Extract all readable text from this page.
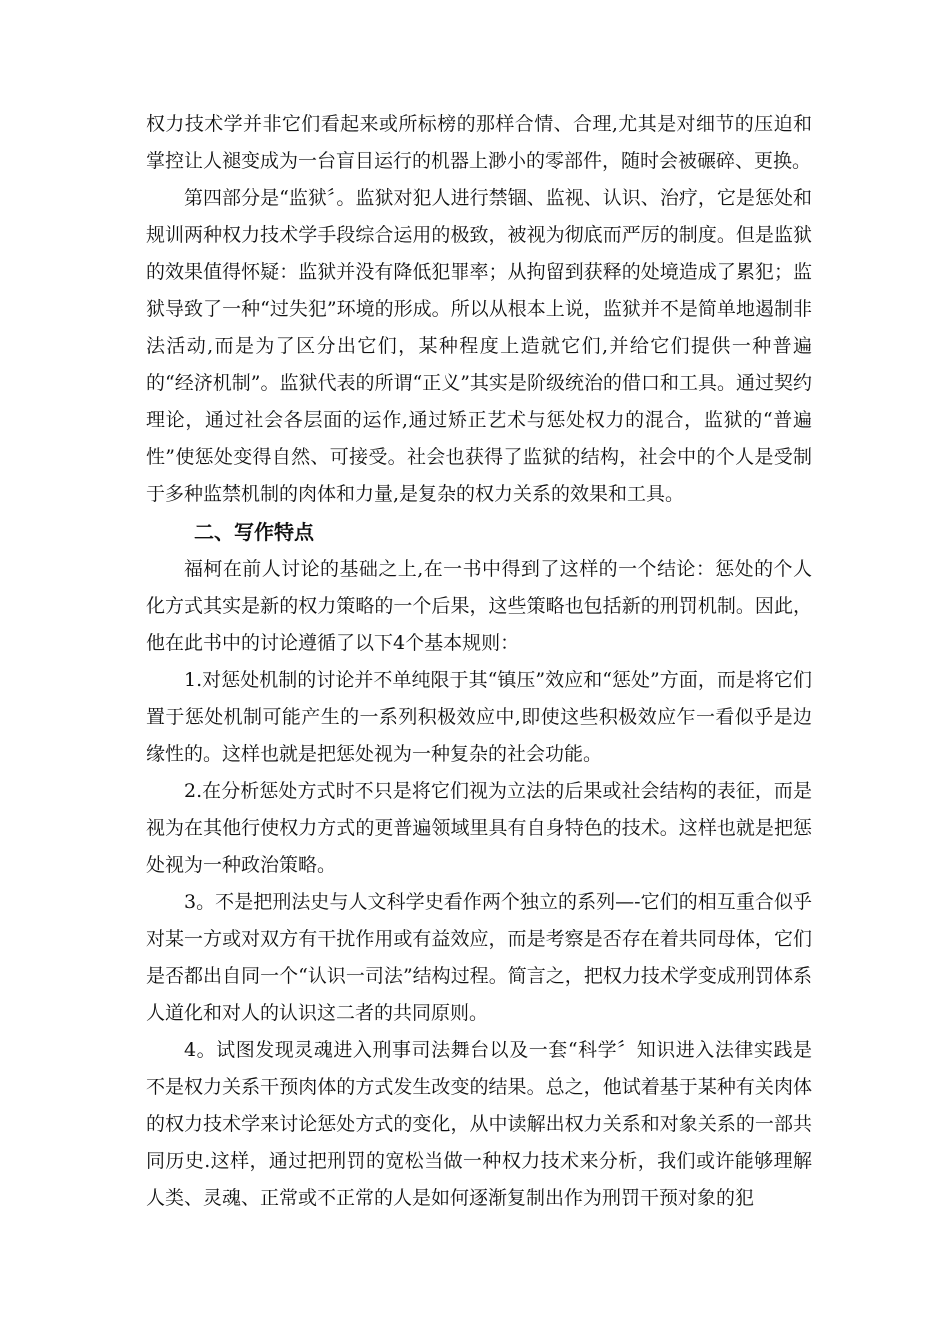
权力技术学并非它们看起来或所标榜的那样合情、合理,尤其是对细节的压迫和掌控让人褪变成为一台盲目运行的机器上渺小的零部件，随时会被碾碎、更换。

第四部分是“监狱〞。监狱对犯人进行禁锢、监视、认识、治疗，它是惩处和规训两种权力技术学手段综合运用的极致，被视为彻底而严厉的制度。但是监狱的效果值得怀疑：监狱并没有降低犯罪率；从拘留到获释的处境造成了累犯；监狱导致了一种“过失犯”环境的形成。所以从根本上说，监狱并不是简单地遏制非法活动,而是为了区分出它们，某种程度上造就它们,并给它们提供一种普遍的“经济机制”。监狱代表的所谓“正义”其实是阶级统治的借口和工具。通过契约理论，通过社会各层面的运作,通过矫正艺术与惩处权力的混合，监狱的“普遍性”使惩处变得自然、可接受。社会也获得了监狱的结构，社会中的个人是受制于多种监禁机制的肉体和力量,是复杂的权力关系的效果和工具。

二、写作特点

福柯在前人讨论的基础之上,在一书中得到了这样的一个结论：惩处的个人化方式其实是新的权力策略的一个后果，这些策略也包括新的刑罚机制。因此，他在此书中的讨论遵循了以下4个基本规则：

1.对惩处机制的讨论并不单纯限于其“镇压”效应和“惩处”方面，而是将它们置于惩处机制可能产生的一系列积极效应中,即使这些积极效应乍一看似乎是边缘性的。这样也就是把惩处视为一种复杂的社会功能。

2.在分析惩处方式时不只是将它们视为立法的后果或社会结构的表征，而是视为在其他行使权力方式的更普遍领域里具有自身特色的技术。这样也就是把惩处视为一种政治策略。

3。不是把刑法史与人文科学史看作两个独立的系列—-它们的相互重合似乎对某一方或对双方有干扰作用或有益效应，而是考察是否存在着共同母体，它们是否都出自同一个“认识一司法”结构过程。简言之，把权力技术学变成刑罚体系人道化和对人的认识这二者的共同原则。

4。试图发现灵魂进入刑事司法舞台以及一套“科学〞知识进入法律实践是不是权力关系干预肉体的方式发生改变的结果。总之，他试着基于某种有关肉体的权力技术学来讨论惩处方式的变化，从中读解出权力关系和对象关系的一部共同历史.这样，通过把刑罚的宽松当做一种权力技术来分析，我们或许能够理解人类、灵魂、正常或不正常的人是如何逐渐复制出作为刑罚干预对象的犯
